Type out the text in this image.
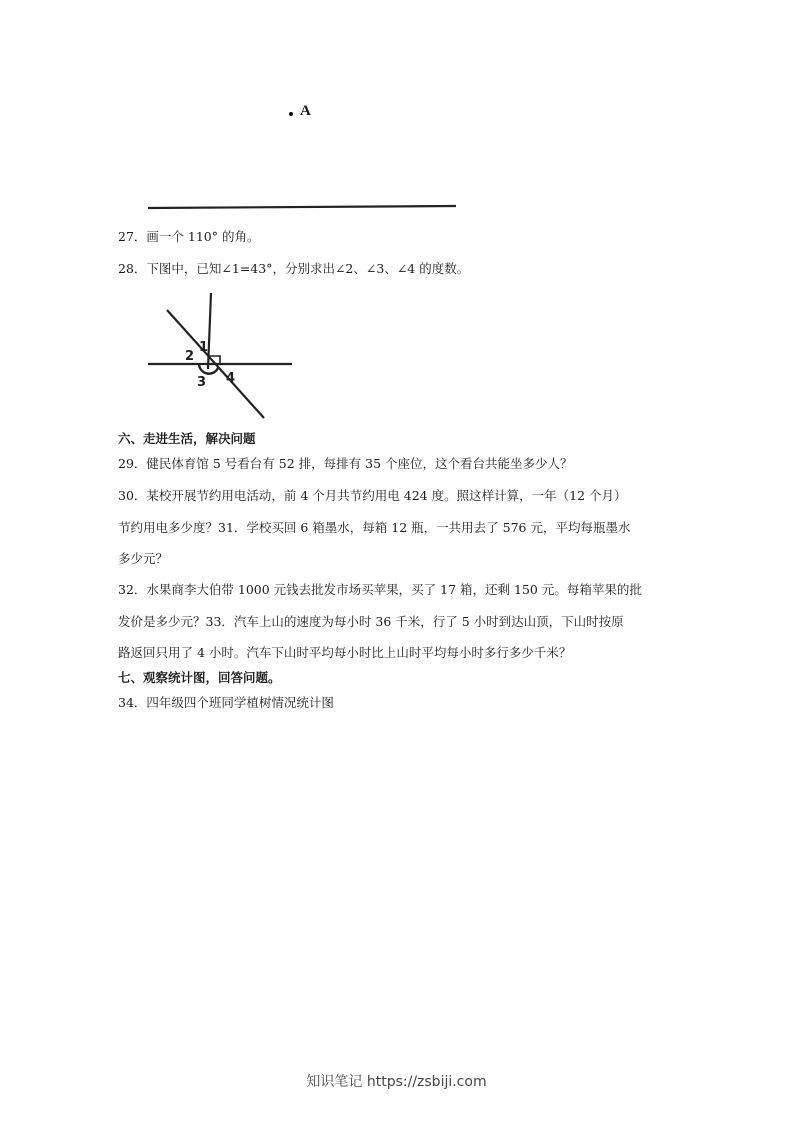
A
27．画一个 110° 的角。
28．下图中，已知∠1=43°，分别求出∠2、∠3、∠4 的度数。
1
2
3 4
六、走进生活，解决问题
29．健民体育馆 5 号看台有 52 排，每排有 35 个座位，这个看台共能坐多少人？
30．某校开展节约用电活动，前 4 个月共节约用电 424 度。照这样计算，一年（12 个月）
节约用电多少度？31．学校买回 6 箱墨水，每箱 12 瓶，一共用去了 576 元，平均每瓶墨水
多少元？
32．水果商李大伯带 1000 元钱去批发市场买苹果，买了 17 箱，还剩 150 元。每箱苹果的批
发价是多少元？33．汽车上山的速度为每小时 36 千米，行了 5 小时到达山顶，下山时按原
路返回只用了 4 小时。汽车下山时平均每小时比上山时平均每小时多行多少千米？
七、观察统计图，回答问题。
34．四年级四个班同学植树情况统计图
知识笔记 https://zsbiji.com
